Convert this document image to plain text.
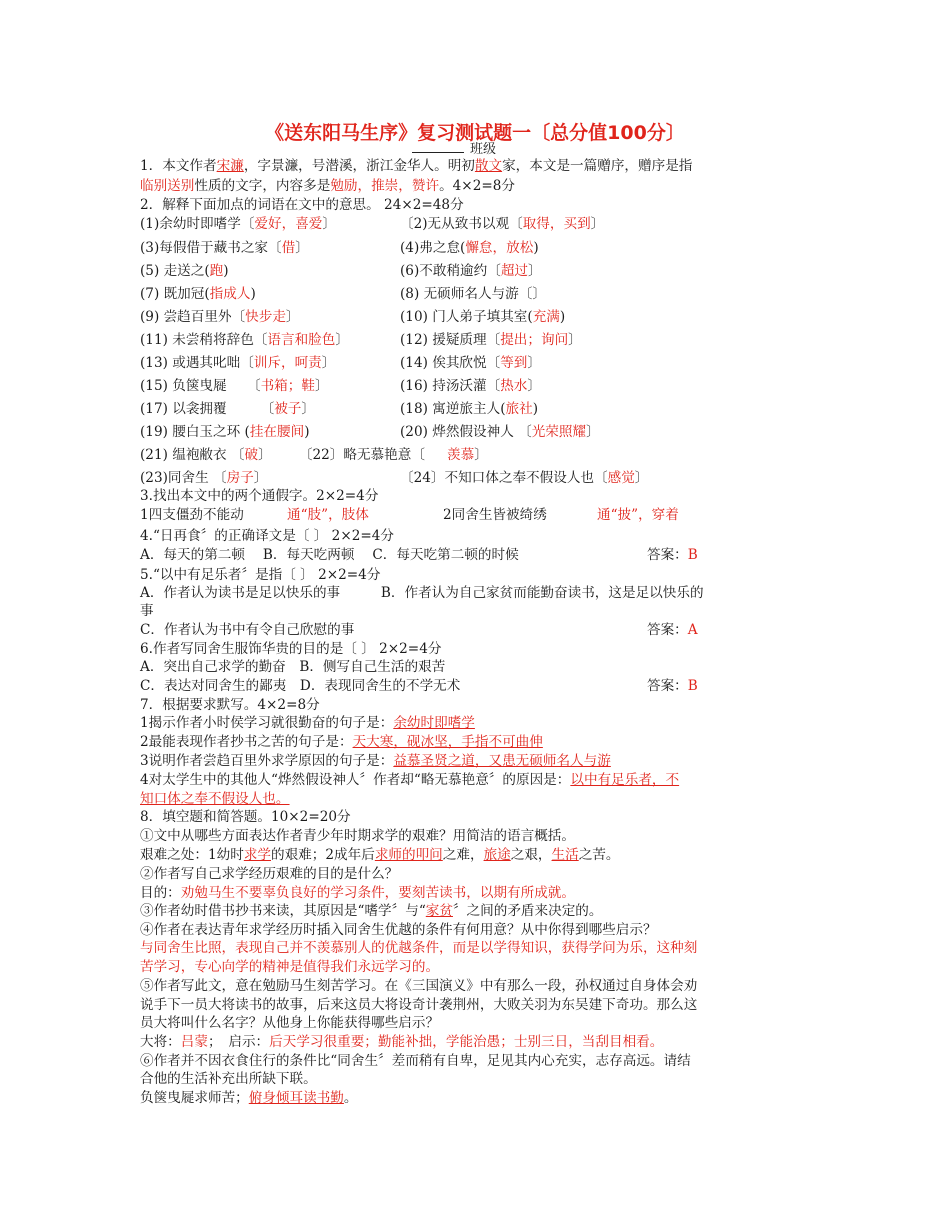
《送东阳马生序》复习测试题一〔总分值100分〕
班级
1．本文作者宋濂，字景濂，号潜溪，浙江金华人。明初散文家，本文是一篇赠序，赠序是指
临别送别性质的文字，内容多是勉励，推崇，赞许。4×2=8分
2．解释下面加点的词语在文中的意思。 24×2=48分
(1)余幼时即嗜学〔爱好，喜爱〕	〔2)无从致书以观〔取得，买到〕
(3)每假借于藏书之家〔借〕	(4)弗之怠(懈怠，放松)
(5) 走送之(跑)	(6)不敢稍逾约〔超过〕
(7) 既加冠(指成人)	(8) 无硕师名人与游〔〕
(9) 尝趋百里外〔快步走〕	(10) 门人弟子填其室(充满)
(11) 未尝稍将辞色〔语言和脸色〕	(12) 援疑质理〔提出；询问〕
(13) 或遇其叱咄〔训斥，呵责〕	(14) 俟其欣悦〔等到〕
(15) 负箧曳屣　　〔书箱；鞋〕	(16) 持汤沃灌〔热水〕
(17) 以衾拥覆　　　〔被子〕	(18) 寓逆旅主人(旅社)
(19) 腰白玉之环 (挂在腰间)	(20) 烨然假设神人 〔光荣照耀〕
(21) 缊袍敝衣 〔破〕　　　〔22〕略无慕艳意〔 羡慕〕
(23)同舍生 〔房子〕	〔24〕不知口体之奉不假设人也〔感觉〕
3.找出本文中的两个通假字。2×2=4分
1四支僵劲不能动	通“肢”，肢体	2同舍生皆被绮绣	通“披”，穿着
4.“日再食〞的正确译文是〔 〕 2×2=4分
A．每天的第二顿　 B．每天吃两顿　 C．每天吃第二顿的时候	答案：B
5.“以中有足乐者〞是指〔 〕 2×2=4分
A．作者认为读书是足以快乐的事　　　B．作者认为自己家贫而能勤奋读书，这是足以快乐的
事
C．作者认为书中有令自己欣慰的事	答案：A
6.作者写同舍生服饰华贵的目的是〔 〕 2×2=4分
A．突出自己求学的勤奋　B．侧写自己生活的艰苦
C．表达对同舍生的鄙夷　D．表现同舍生的不学无术	答案：B
7．根据要求默写。4×2=8分
1揭示作者小时侯学习就很勤奋的句子是：余幼时即嗜学
2最能表现作者抄书之苦的句子是：天大寒，砚冰坚，手指不可曲伸
3说明作者尝趋百里外求学原因的句子是：益慕圣贤之道，又患无硕师名人与游
4对太学生中的其他人“烨然假设神人〞作者却“略无慕艳意〞的原因是：以中有足乐者，不
知口体之奉不假设人也。
8．填空题和简答题。10×2=20分
①文中从哪些方面表达作者青少年时期求学的艰难？用简洁的语言概括。
艰难之处：1幼时求学的艰难；2成年后求师的叩问之难，旅途之艰，生活之苦。
②作者写自己求学经历艰难的目的是什么？
目的：劝勉马生不要辜负良好的学习条件，要刻苦读书，以期有所成就。
③作者幼时借书抄书来读，其原因是“嗜学〞与“家贫〞之间的矛盾来决定的。
④作者在表达青年求学经历时插入同舍生优越的条件有何用意？从中你得到哪些启示？
与同舍生比照，表现自己并不羡慕别人的优越条件，而是以学得知识，获得学问为乐，这种刻
苦学习，专心向学的精神是值得我们永远学习的。
⑤作者写此文，意在勉励马生刻苦学习。在《三国演义》中有那么一段，孙权通过自身体会劝
说手下一员大将读书的故事，后来这员大将设奇计袭荆州，大败关羽为东吴建下奇功。那么这
员大将叫什么名字？从他身上你能获得哪些启示？
大将：吕蒙；　启示：后天学习很重要；勤能补拙，学能治愚；士别三日，当刮目相看。
⑥作者并不因衣食住行的条件比“同舍生〞差而稍有自卑，足见其内心充实，志存高远。请结
合他的生活补充出所缺下联。
负箧曳屣求师苦；俯身倾耳读书勤。
